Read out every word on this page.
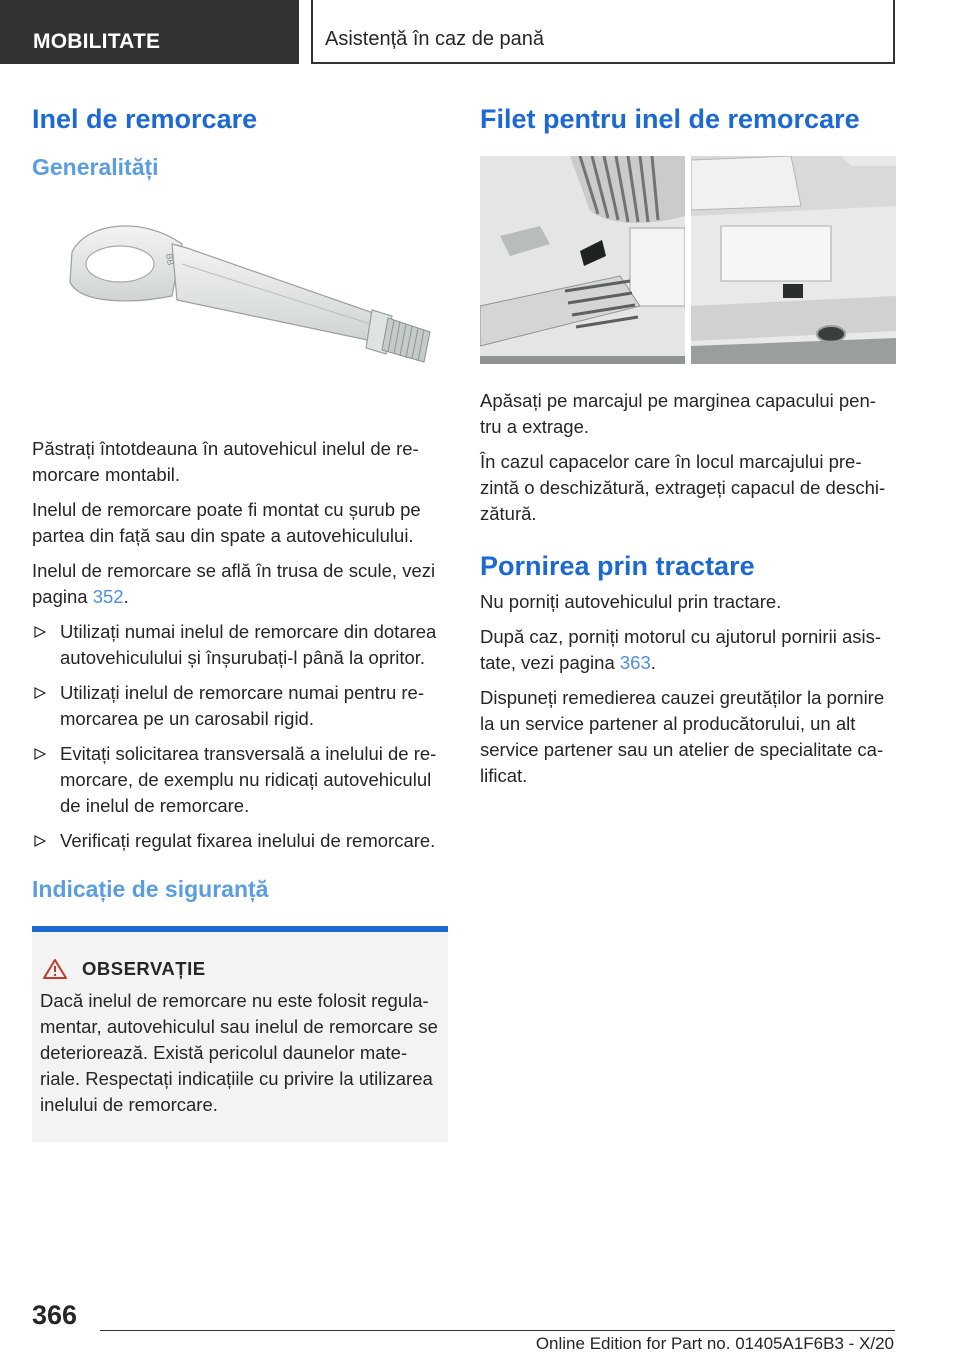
MOBILITATE	Asistență în caz de pană
Inel de remorcare
Generalități
BB

Păstrați întotdeauna în autovehicul inelul de re-morcare montabil.

Inelul de remorcare poate fi montat cu șurub pe partea din față sau din spate a autovehiculului.

Inelul de remorcare se află în trusa de scule, vezi pagina 352.

Utilizați numai inelul de remorcare din dotarea autovehiculului și înșurubați-l până la opritor.
Utilizați inelul de remorcare numai pentru re-morcarea pe un carosabil rigid.
Evitați solicitarea transversală a inelului de re-morcare, de exemplu nu ridicați autovehiculul de inelul de remorcare.
Verificați regulat fixarea inelului de remorcare.
Indicație de siguranță
OBSERVAȚIE

Dacă inelul de remorcare nu este folosit regula-mentar, autovehiculul sau inelul de remorcare se deteriorează. Există pericolul daunelor mate-riale. Respectați indicațiile cu privire la utilizarea inelului de remorcare.

Filet pentru inel de remorcare

Apăsați pe marcajul pe marginea capacului pen-tru a extrage.

În cazul capacelor care în locul marcajului pre-zintă o deschizătură, extrageți capacul de deschi-zătură.

Pornirea prin tractare

Nu porniți autovehiculul prin tractare.

După caz, porniți motorul cu ajutorul pornirii asis-tate, vezi pagina 363.

Dispuneți remedierea cauzei greutăților la pornire la un service partener al producătorului, un alt service partener sau un atelier de specialitate ca-lificat.

366
Online Edition for Part no. 01405A1F6B3 - X/20
